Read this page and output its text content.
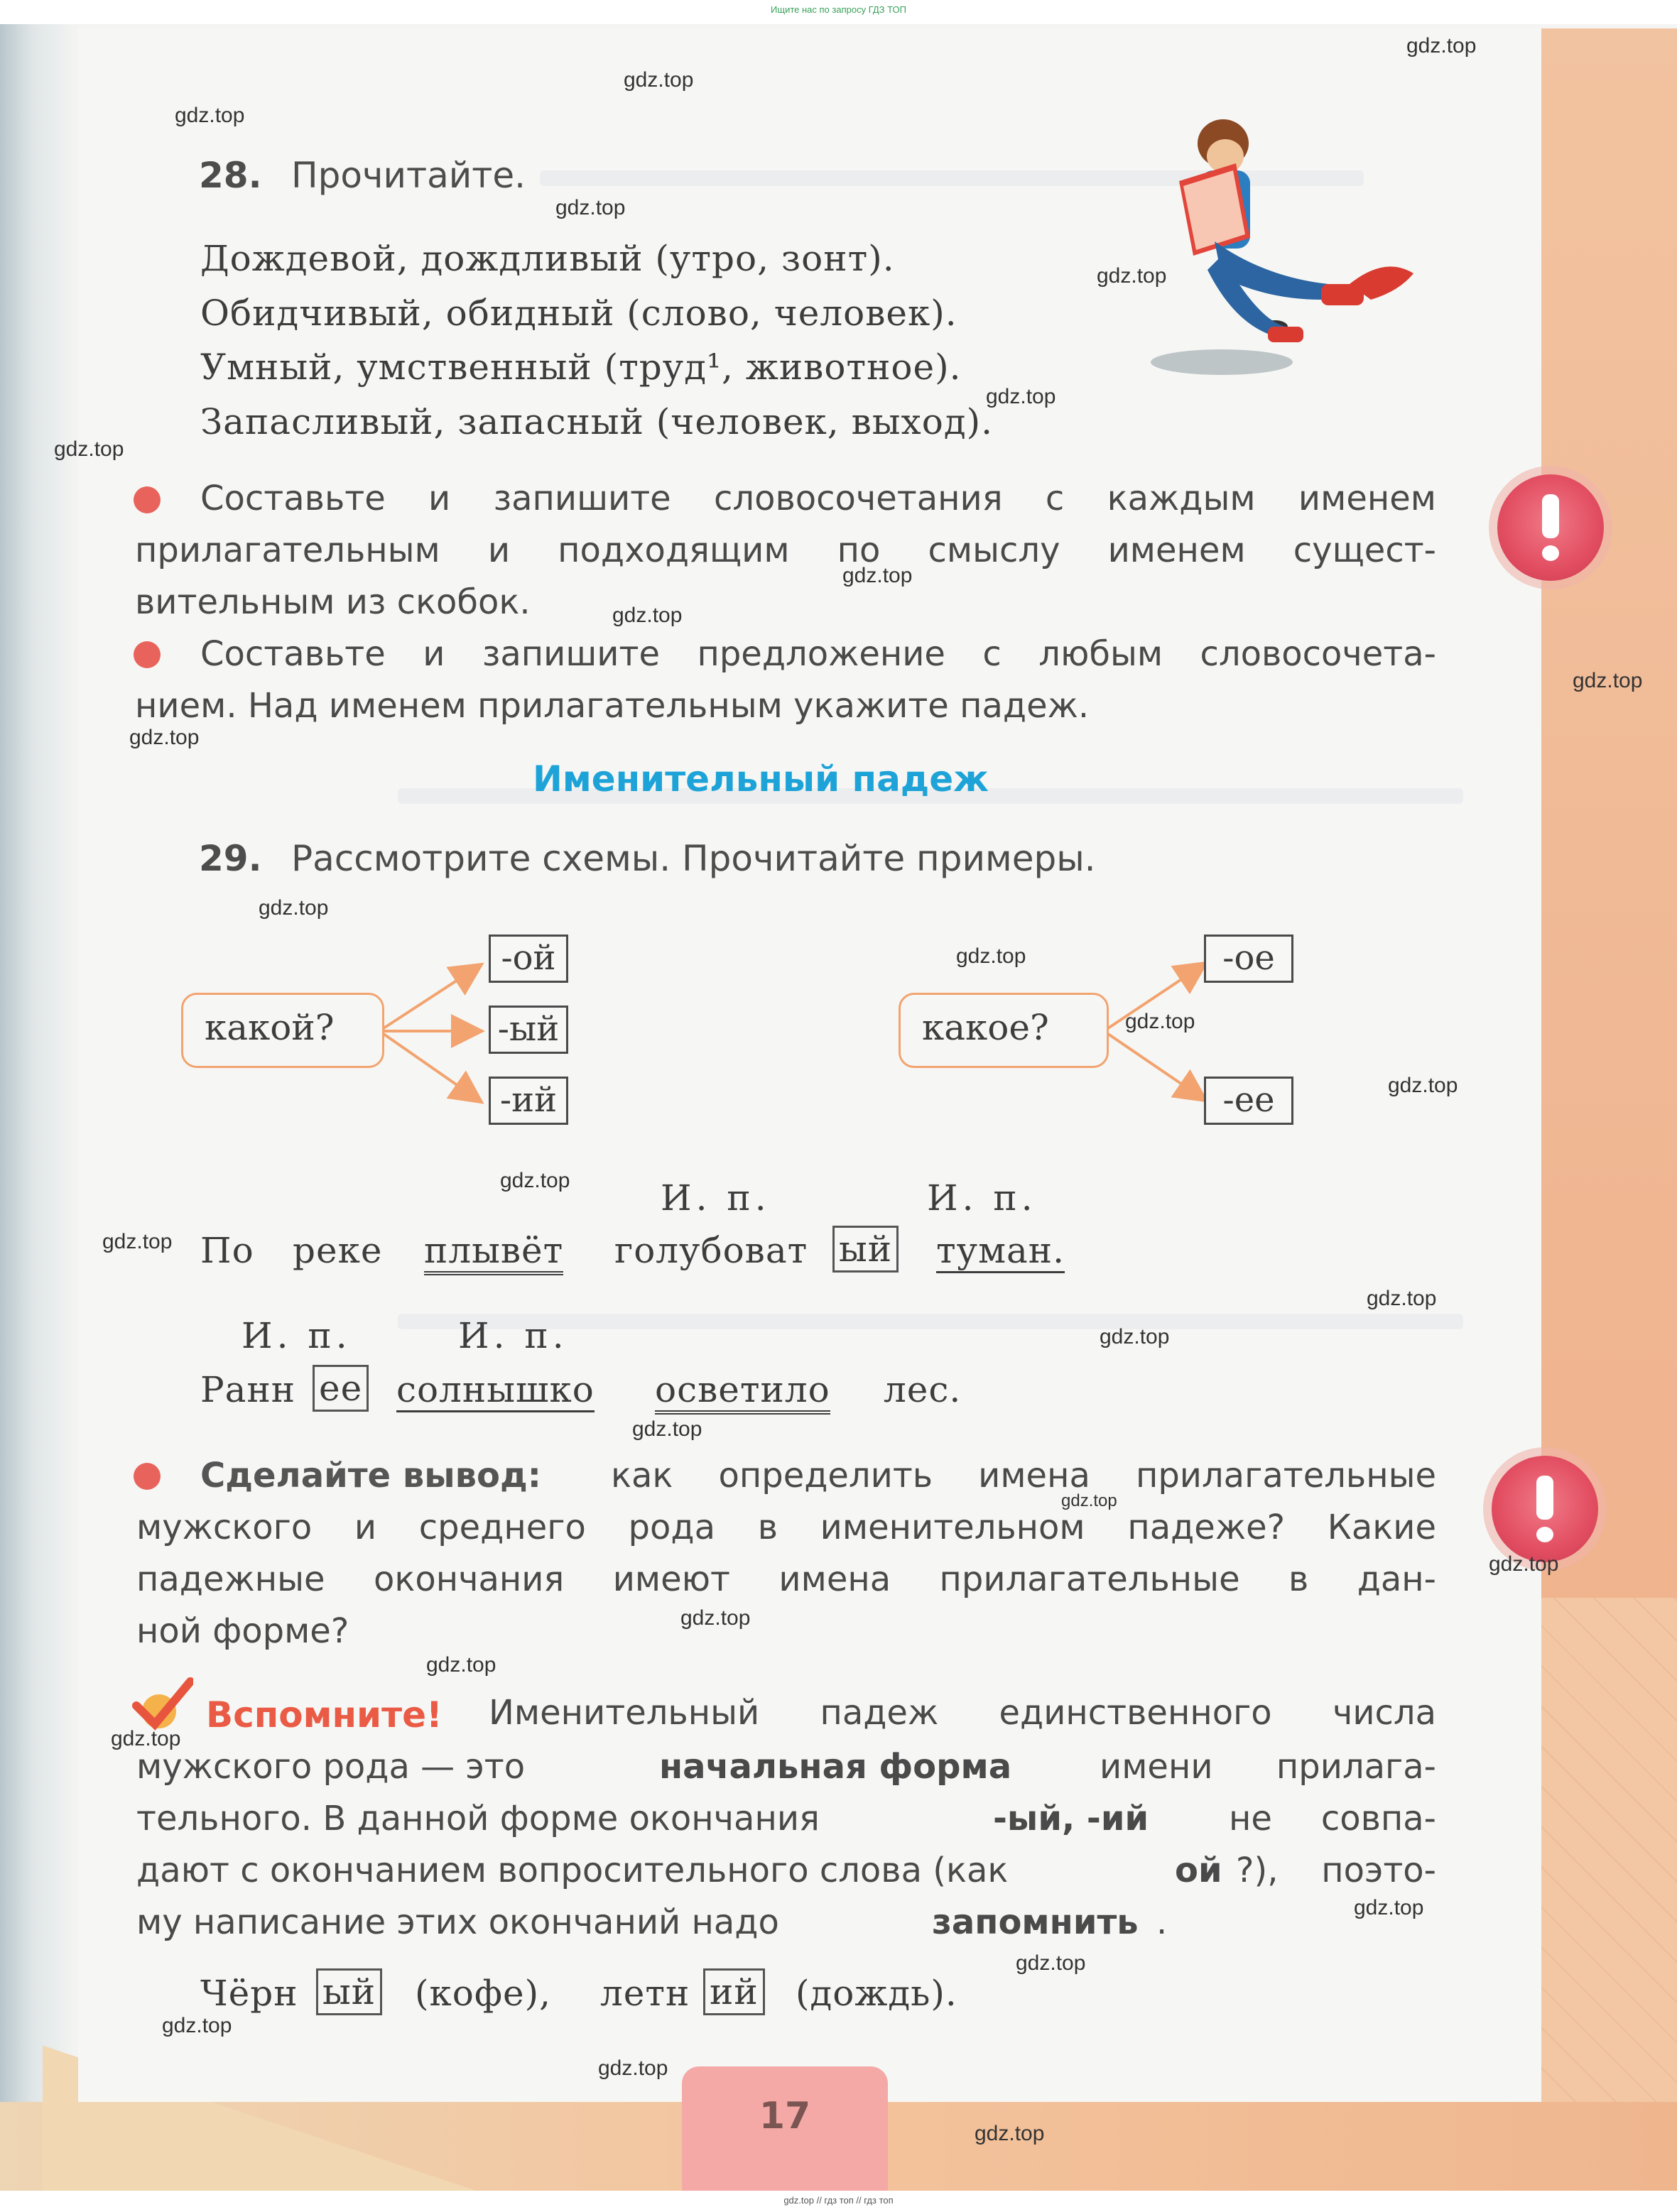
Ищите нас по запросу ГДЗ ТОП
28. Прочитайте.
Дождевой, дождливый (утро, зонт).
Обидчивый, обидный (слово, человек).
Умный, умственный (труд¹, животное).
Запасливый, запасный (человек, выход).
Составьте и запишите словосочетания с каждым именем
прилагательным и подходящим по смыслу именем сущест-
вительным из скобок.
Составьте и запишите предложение с любым словосочета-
нием. Над именем прилагательным укажите падеж.
Именительный падеж
29. Рассмотрите схемы. Прочитайте примеры.
какой?
-ой
-ый
-ий
какое?
-ое
-ее
И. п.	И. п.
По реке плывёт голубоват ый туман.
И. п.	И. п.
Ранн ее солнышко осветило лес.
Сделайте вывод: как определить имена прилагательные
мужского и среднего рода в именительном падеже? Какие
падежные окончания имеют имена прилагательные в дан-
ной форме?
Вспомните! Именительный падеж единственного числа
мужского рода — это	начальная форма	имени прилага-
тельного. В данной форме окончания	-ый, -ий не совпа-
дают с окончанием вопросительного слова (как	ой ?), поэто-
му написание этих окончаний надо	запомнить .
Чёрн ый (кофе), летн ий (дождь).
17
gdz.top
gdz.top
gdz.top
gdz.top
gdz.top
gdz.top
gdz.top
gdz.top
gdz.top
gdz.top
gdz.top
gdz.top
gdz.top
gdz.top
gdz.top
gdz.top
gdz.top
gdz.top
gdz.top
gdz.top
gdz.top
gdz.top
gdz.top
gdz.top
gdz.top
gdz.top
gdz.top
gdz.top
gdz.top
gdz.top
gdz.top // гдз топ // гдз топ
